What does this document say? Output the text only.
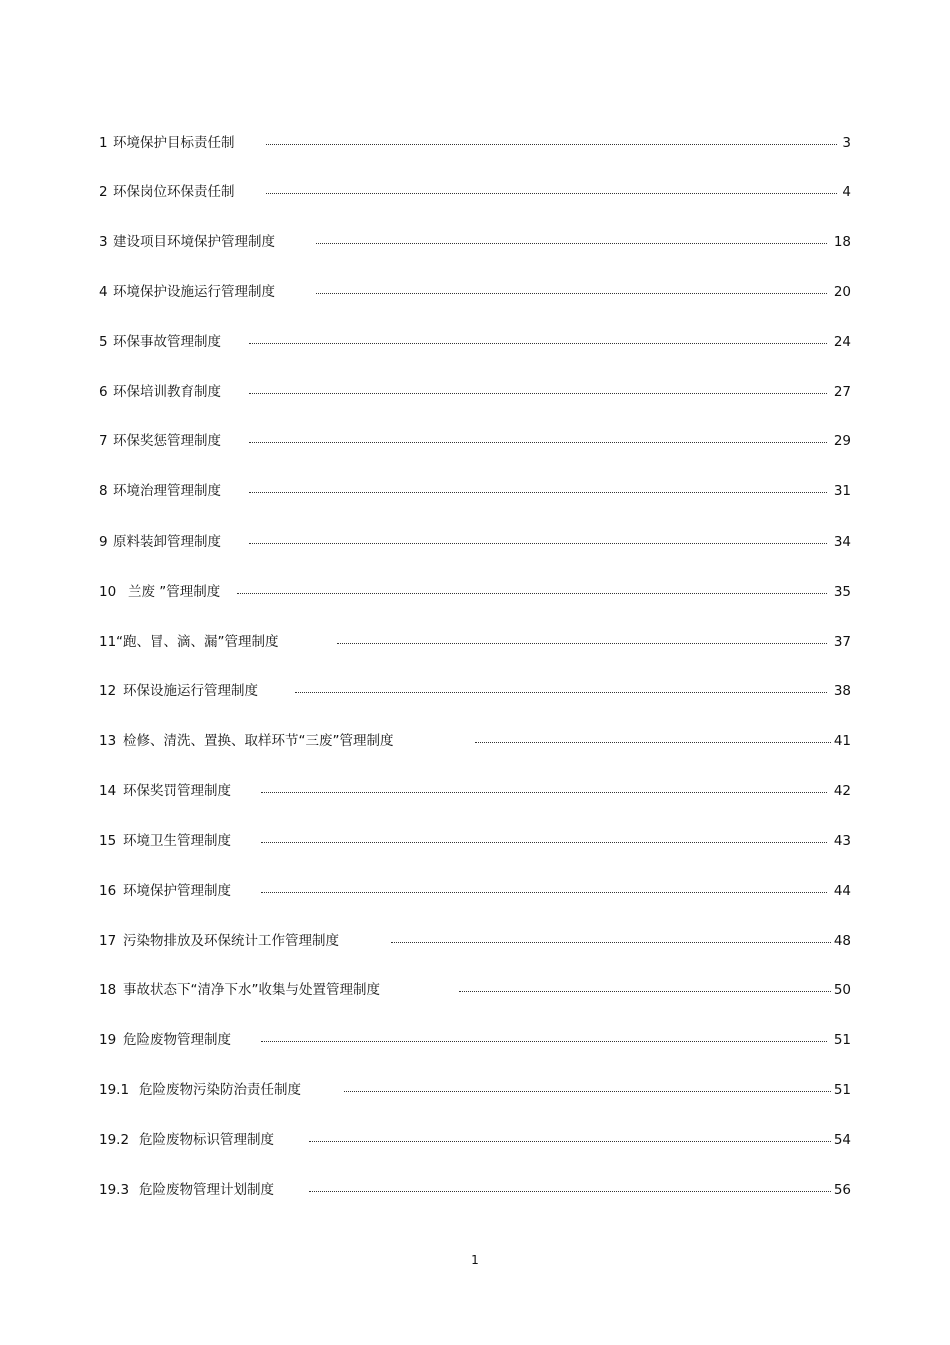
1 环境保护目标责任制	3
2 环保岗位环保责任制	4
3 建设项目环境保护管理制度	18
4 环境保护设施运行管理制度	20
5 环保事故管理制度	24
6 环保培训教育制度	27
7 环保奖惩管理制度	29
8 环境治理管理制度	31
9 原料装卸管理制度	34
10 兰废 ”管理制度	35
11 “跑、冒、滴、漏”管理制度	37
12 环保设施运行管理制度	38
13 检修、清洗、置换、取样环节“三废”管理制度	41
14 环保奖罚管理制度	42
15 环境卫生管理制度	43
16 环境保护管理制度	44
17 污染物排放及环保统计工作管理制度	48
18 事故状态下“清净下水”收集与处置管理制度	50
19 危险废物管理制度	51
19.1 危险废物污染防治责任制度	51
19.2 危险废物标识管理制度	54
19.3 危险废物管理计划制度	56
1
